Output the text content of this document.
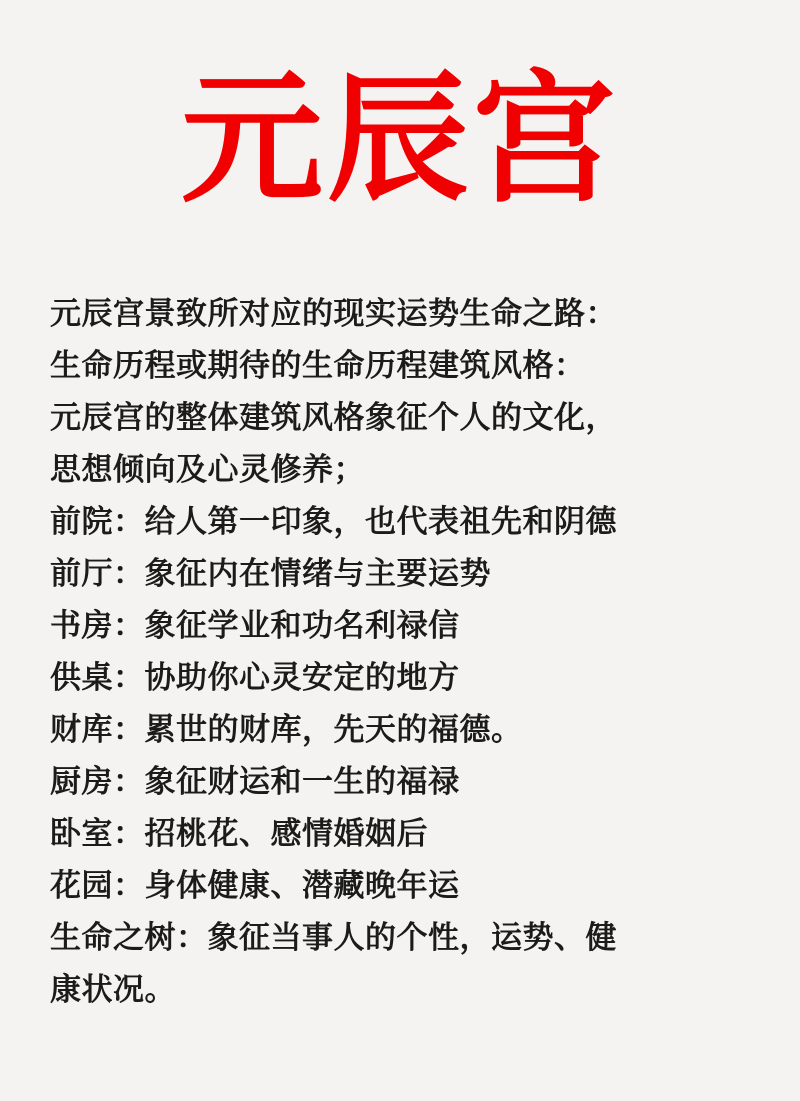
元辰宫
元辰宫景致所对应的现实运势生命之路：
生命历程或期待的生命历程建筑风格：
元辰宫的整体建筑风格象征个人的文化，
思想倾向及心灵修养；
前院：给人第一印象，也代表祖先和阴德
前厅：象征内在情绪与主要运势
书房：象征学业和功名利禄信
供桌：协助你心灵安定的地方
财库：累世的财库，先天的福德。
厨房：象征财运和一生的福禄
卧室：招桃花、感情婚姻后
花园：身体健康、潜藏晚年运
生命之树：象征当事人的个性，运势、健
康状况。
